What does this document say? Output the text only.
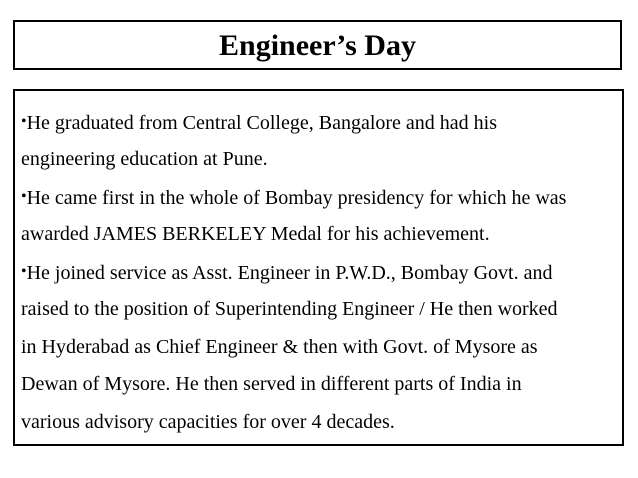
Engineer’s Day
•He graduated from Central College, Bangalore and had his
engineering education at Pune.
•He came first in the whole of Bombay presidency for which he was
awarded JAMES BERKELEY Medal for his achievement.
•He joined service as Asst. Engineer in P.W.D., Bombay Govt. and
raised to the position of Superintending Engineer / He then worked
in Hyderabad as Chief Engineer & then with Govt. of Mysore as
Dewan of Mysore. He then served in different parts of India in
various advisory capacities for over 4 decades.
